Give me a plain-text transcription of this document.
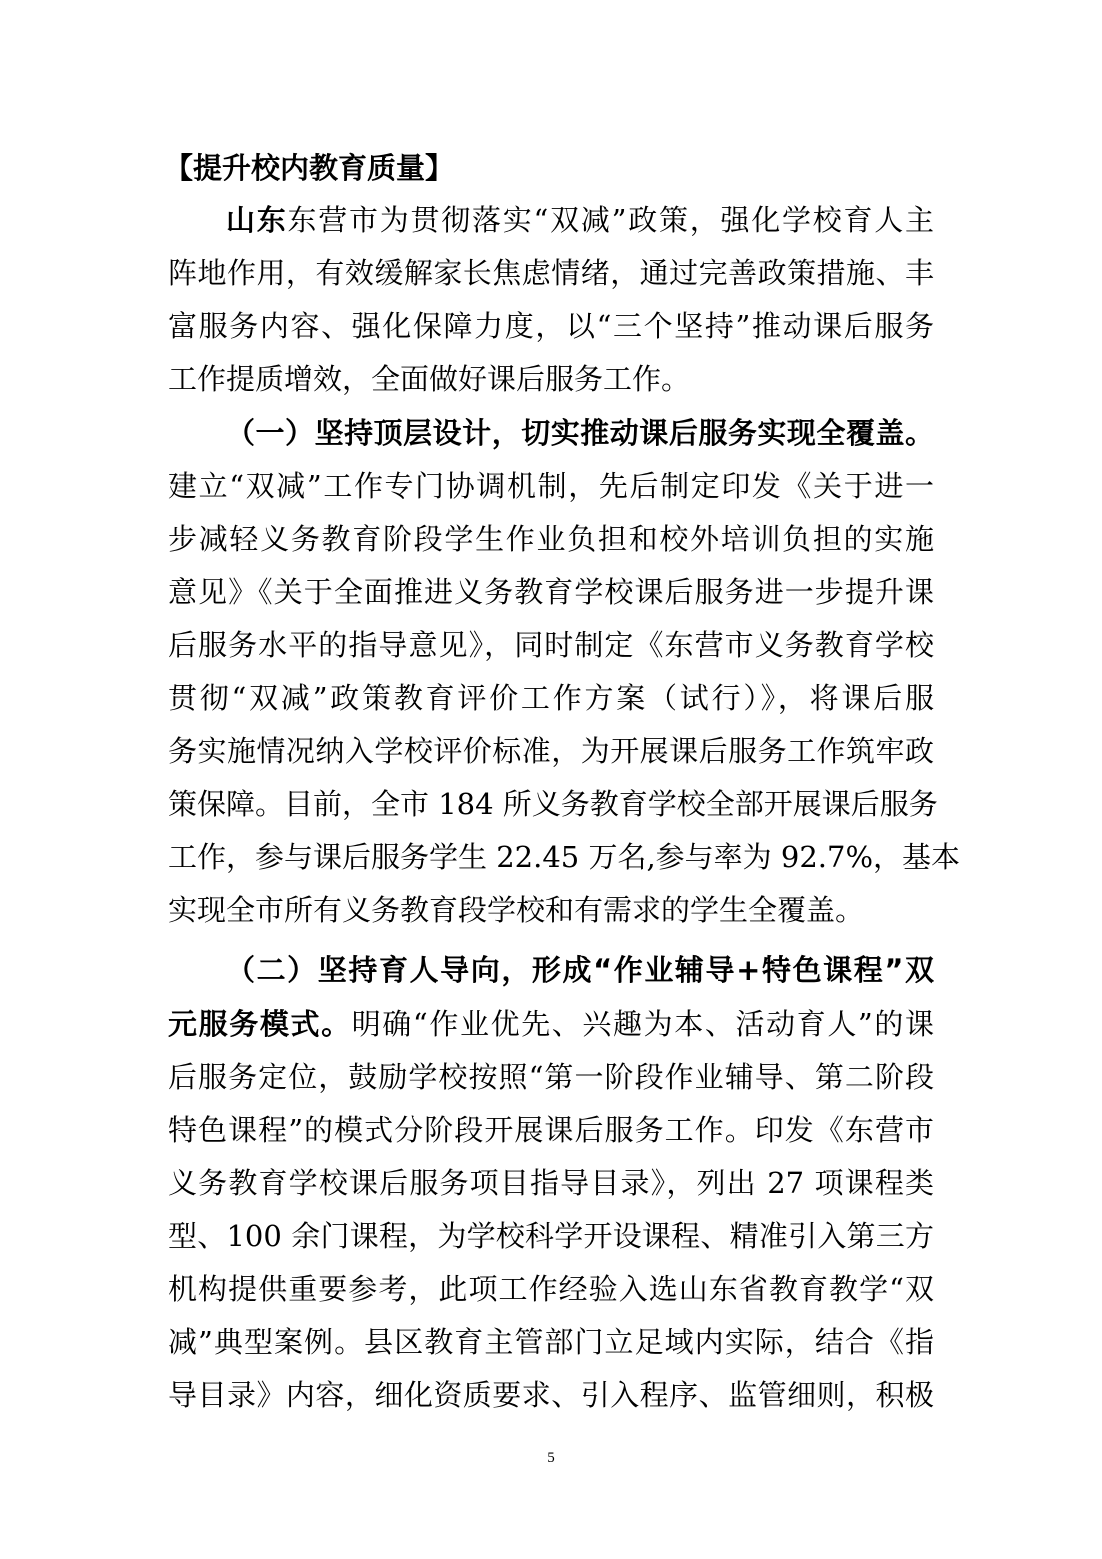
【提升校内教育质量】
山东东营市为贯彻落实“双减”政策，强化学校育人主
阵地作用，有效缓解家长焦虑情绪，通过完善政策措施、丰
富服务内容、强化保障力度，以“三个坚持”推动课后服务
工作提质增效，全面做好课后服务工作。
（一）坚持顶层设计，切实推动课后服务实现全覆盖。
建立“双减”工作专门协调机制，先后制定印发《关于进一
步减轻义务教育阶段学生作业负担和校外培训负担的实施
意见》《关于全面推进义务教育学校课后服务进一步提升课
后服务水平的指导意见》，同时制定《东营市义务教育学校
贯彻“双减”政策教育评价工作方案（试行）》，将课后服
务实施情况纳入学校评价标准，为开展课后服务工作筑牢政
策保障。目前，全市 184 所义务教育学校全部开展课后服务
工作，参与课后服务学生 22.45 万名,参与率为 92.7%，基本
实现全市所有义务教育段学校和有需求的学生全覆盖。
（二）坚持育人导向，形成“作业辅导+特色课程”双
元服务模式。明确“作业优先、兴趣为本、活动育人”的课
后服务定位，鼓励学校按照“第一阶段作业辅导、第二阶段
特色课程”的模式分阶段开展课后服务工作。印发《东营市
义务教育学校课后服务项目指导目录》，列出 27 项课程类
型、100 余门课程，为学校科学开设课程、精准引入第三方
机构提供重要参考，此项工作经验入选山东省教育教学“双
减”典型案例。县区教育主管部门立足域内实际，结合《指
导目录》内容，细化资质要求、引入程序、监管细则，积极
5
